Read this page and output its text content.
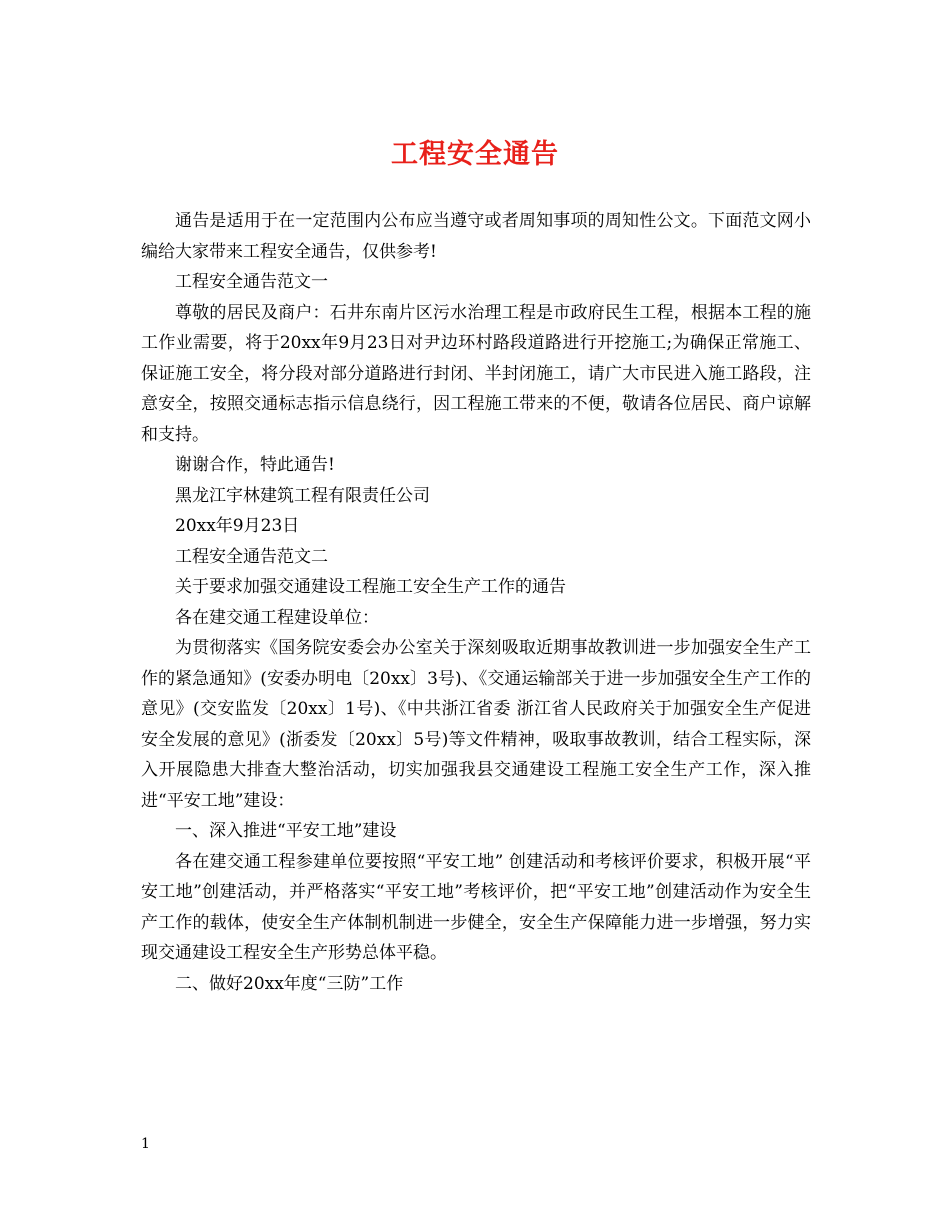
工程安全通告

通告是适用于在一定范围内公布应当遵守或者周知事项的周知性公文。下面范文网小编给大家带来工程安全通告，仅供参考!

工程安全通告范文一

尊敬的居民及商户：石井东南片区污水治理工程是市政府民生工程，根据本工程的施工作业需要，将于20xx年9月23日对尹边环村路段道路进行开挖施工;为确保正常施工、保证施工安全，将分段对部分道路进行封闭、半封闭施工，请广大市民进入施工路段，注意安全，按照交通标志指示信息绕行，因工程施工带来的不便，敬请各位居民、商户谅解和支持。

谢谢合作，特此通告!

黑龙江宇林建筑工程有限责任公司

20xx年9月23日

工程安全通告范文二

关于要求加强交通建设工程施工安全生产工作的通告

各在建交通工程建设单位：

为贯彻落实《国务院安委会办公室关于深刻吸取近期事故教训进一步加强安全生产工作的紧急通知》(安委办明电〔20xx〕3号)、《交通运输部关于进一步加强安全生产工作的意见》(交安监发〔20xx〕1号)、《中共浙江省委 浙江省人民政府关于加强安全生产促进安全发展的意见》(浙委发〔20xx〕5号)等文件精神，吸取事故教训，结合工程实际，深入开展隐患大排查大整治活动，切实加强我县交通建设工程施工安全生产工作，深入推进“平安工地”建设：

一、深入推进“平安工地”建设

各在建交通工程参建单位要按照“平安工地” 创建活动和考核评价要求，积极开展“平安工地”创建活动，并严格落实“平安工地”考核评价，把“平安工地”创建活动作为安全生产工作的载体，使安全生产体制机制进一步健全，安全生产保障能力进一步增强，努力实现交通建设工程安全生产形势总体平稳。

二、做好20xx年度“三防”工作

1
